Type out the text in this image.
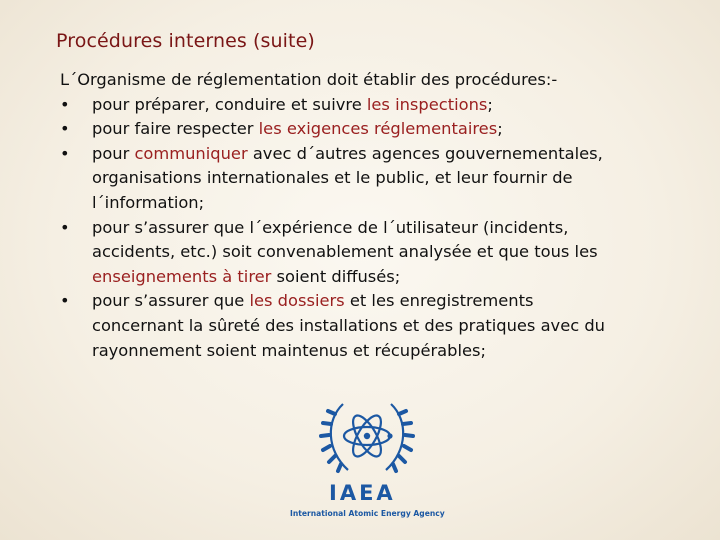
Procédures internes (suite)

L´Organisme de réglementation doit établir des procédures:-

• pour préparer, conduire et suivre les inspections;
• pour faire respecter les exigences réglementaires;
• pour communiquer avec d´autres agences gouvernementales,
organisations internationales et le public, et leur fournir de
l´information;
• pour s’assurer que l´expérience de l´utilisateur (incidents,
accidents, etc.) soit convenablement analysée et que tous les
enseignements à tirer soient diffusés;
• pour s’assurer que les dossiers et les enregistrements
concernant la sûreté des installations et des pratiques avec du
rayonnement soient maintenus et récupérables;
IAEA
International Atomic Energy Agency
